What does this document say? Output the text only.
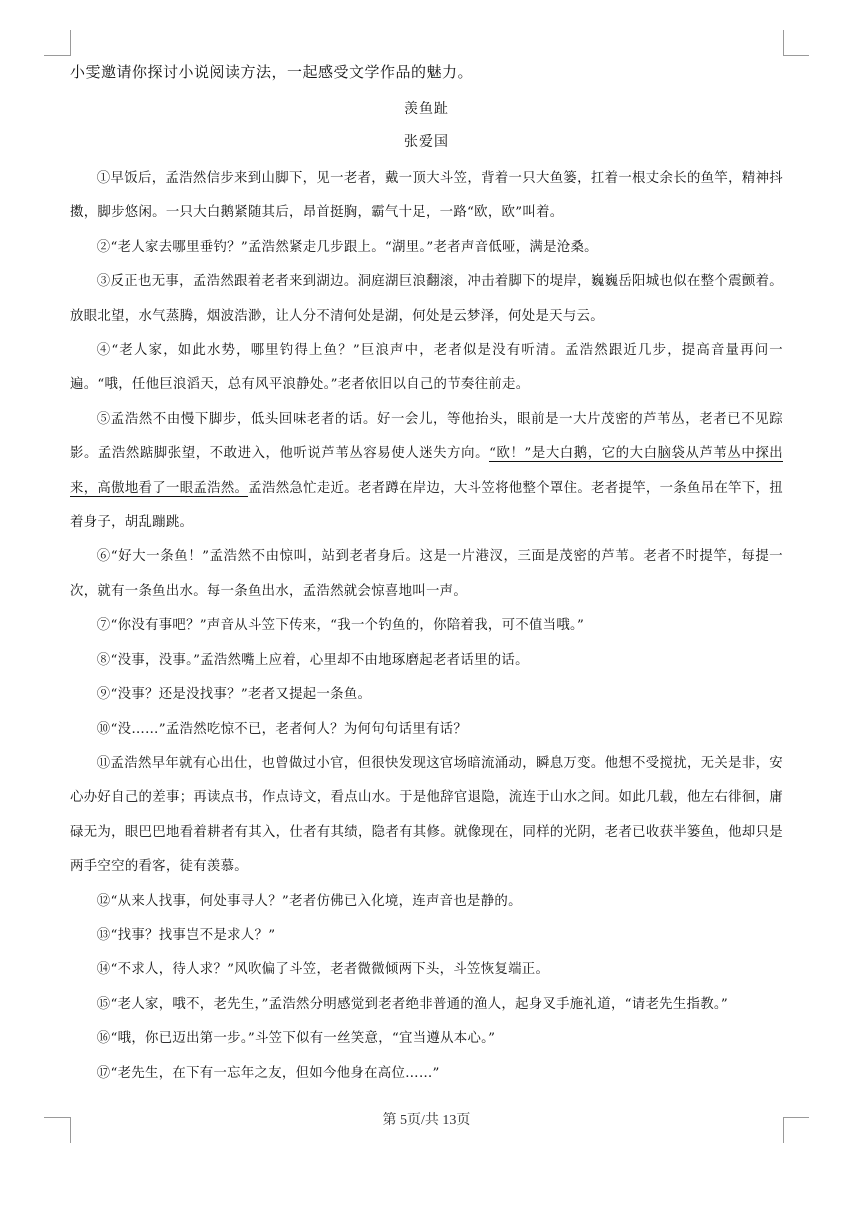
小雯邀请你探讨小说阅读方法，一起感受文学作品的魅力。
羡鱼趾
张爱国

①早饭后，孟浩然信步来到山脚下，见一老者，戴一顶大斗笠，背着一只大鱼篓，扛着一根丈余长的鱼竿，精神抖擞，脚步悠闲。一只大白鹅紧随其后，昂首挺胸，霸气十足，一路“欧，欧”叫着。

②“老人家去哪里垂钓？”孟浩然紧走几步跟上。“湖里。”老者声音低哑，满是沧桑。

③反正也无事，孟浩然跟着老者来到湖边。洞庭湖巨浪翻滚，冲击着脚下的堤岸，巍巍岳阳城也似在整个震颤着。放眼北望，水气蒸腾，烟波浩渺，让人分不清何处是湖，何处是云梦泽，何处是天与云。

④“老人家，如此水势，哪里钓得上鱼？”巨浪声中，老者似是没有听清。孟浩然跟近几步，提高音量再问一遍。“哦，任他巨浪滔天，总有风平浪静处。”老者依旧以自己的节奏往前走。

⑤孟浩然不由慢下脚步，低头回味老者的话。好一会儿，等他抬头，眼前是一大片茂密的芦苇丛，老者已不见踪影。孟浩然踮脚张望，不敢进入，他听说芦苇丛容易使人迷失方向。“欧！”是大白鹅，它的大白脑袋从芦苇丛中探出来，高傲地看了一眼孟浩然。孟浩然急忙走近。老者蹲在岸边，大斗笠将他整个罩住。老者提竿，一条鱼吊在竿下，扭着身子，胡乱蹦跳。

⑥“好大一条鱼！”孟浩然不由惊叫，站到老者身后。这是一片港汊，三面是茂密的芦苇。老者不时提竿，每提一次，就有一条鱼出水。每一条鱼出水，孟浩然就会惊喜地叫一声。

⑦“你没有事吧？”声音从斗笠下传来，“我一个钓鱼的，你陪着我，可不值当哦。”

⑧“没事，没事。”孟浩然嘴上应着，心里却不由地琢磨起老者话里的话。

⑨“没事？还是没找事？”老者又提起一条鱼。

⑩“没……”孟浩然吃惊不已，老者何人？为何句句话里有话？

⑪孟浩然早年就有心出仕，也曾做过小官，但很快发现这官场暗流涌动，瞬息万变。他想不受搅扰，无关是非，安心办好自己的差事；再读点书，作点诗文，看点山水。于是他辞官退隐，流连于山水之间。如此几载，他左右徘徊，庸碌无为，眼巴巴地看着耕者有其入，仕者有其绩，隐者有其修。就像现在，同样的光阴，老者已收获半篓鱼，他却只是两手空空的看客，徒有羡慕。

⑫“从来人找事，何处事寻人？”老者仿佛已入化境，连声音也是静的。

⑬“找事？找事岂不是求人？”

⑭“不求人，待人求？”风吹偏了斗笠，老者微微倾两下头，斗笠恢复端正。

⑮“老人家，哦不，老先生，”孟浩然分明感觉到老者绝非普通的渔人，起身叉手施礼道，“请老先生指教。”

⑯“哦，你已迈出第一步。”斗笠下似有一丝笑意，“宜当遵从本心。”

⑰“老先生，在下有一忘年之友，但如今他身在高位……”

第 5页/共 13页
